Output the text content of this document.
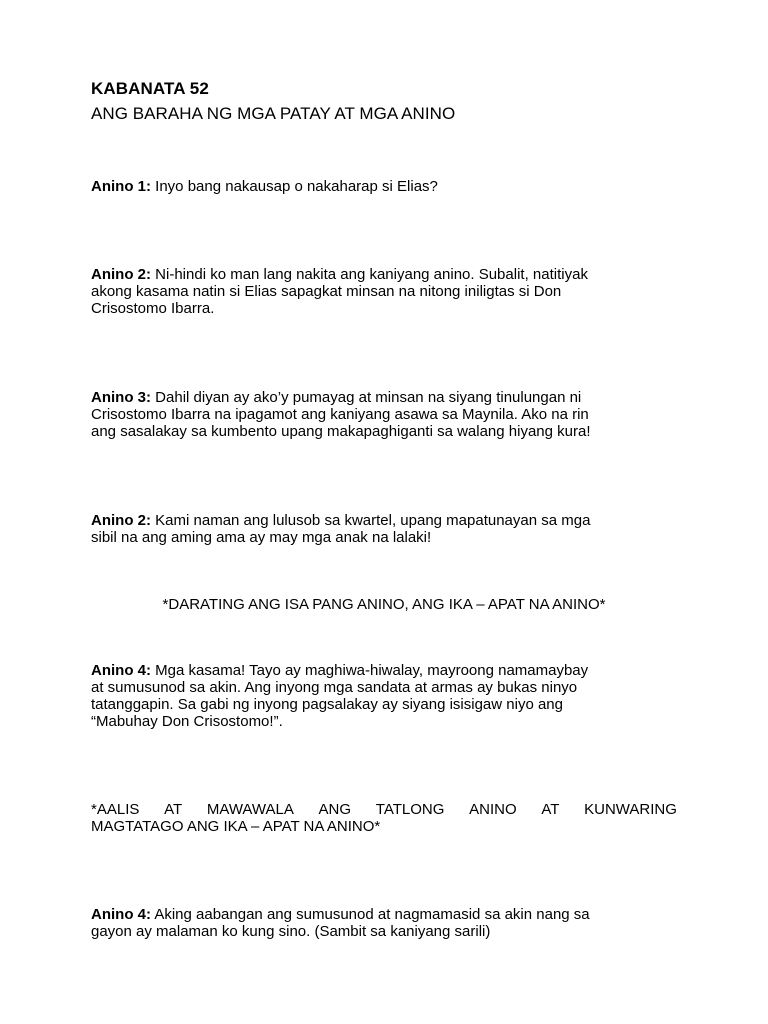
KABANATA 52
ANG BARAHA NG MGA PATAY AT MGA ANINO
Anino 1: Inyo bang nakausap o nakaharap si Elias?
Anino 2: Ni-hindi ko man lang nakita ang kaniyang anino. Subalit, natitiyak
akong kasama natin si Elias sapagkat minsan na nitong iniligtas si Don
Crisostomo Ibarra.
Anino 3: Dahil diyan ay ako’y pumayag at minsan na siyang tinulungan ni
Crisostomo Ibarra na ipagamot ang kaniyang asawa sa Maynila. Ako na rin
ang sasalakay sa kumbento upang makapaghiganti sa walang hiyang kura!
Anino 2: Kami naman ang lulusob sa kwartel, upang mapatunayan sa mga
sibil na ang aming ama ay may mga anak na lalaki!
*DARATING ANG ISA PANG ANINO, ANG IKA – APAT NA ANINO*
Anino 4: Mga kasama! Tayo ay maghiwa-hiwalay, mayroong namamaybay
at sumusunod sa akin. Ang inyong mga sandata at armas ay bukas ninyo
tatanggapin. Sa gabi ng inyong pagsalakay ay siyang isisigaw niyo ang
“Mabuhay Don Crisostomo!”.
*AALIS AT MAWAWALA ANG TATLONG ANINO AT KUNWARING
MAGTATAGO ANG IKA – APAT NA ANINO*
Anino 4: Aking aabangan ang sumusunod at nagmamasid sa akin nang sa
gayon ay malaman ko kung sino. (Sambit sa kaniyang sarili)
